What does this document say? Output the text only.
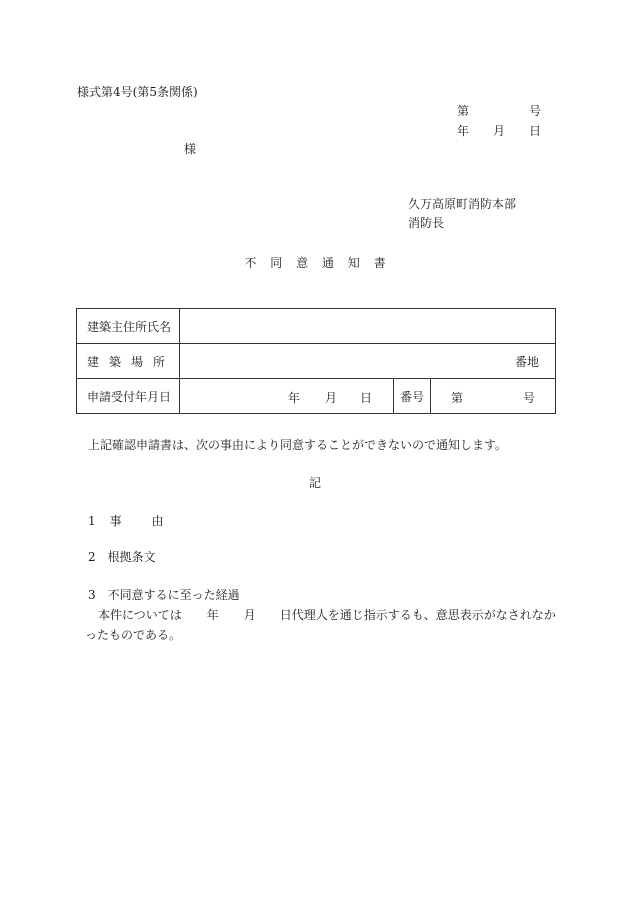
様式第4号(第5条関係)
第	号
年 月 日
様
久万高原町消防本部
消防長
不 同 意 通 知 書
建築主住所氏名			
建 築 場 所	番地		
申請受付年月日	年 月 日	番号	第 号
上記確認申請書は、次の事由により同意することができないので通知します。
記
1 事	由
2　根拠条文
3　不同意するに至った経過
本件については 年 月 日代理人を通じ指示するも、意思表示がなされなか
ったものである。
